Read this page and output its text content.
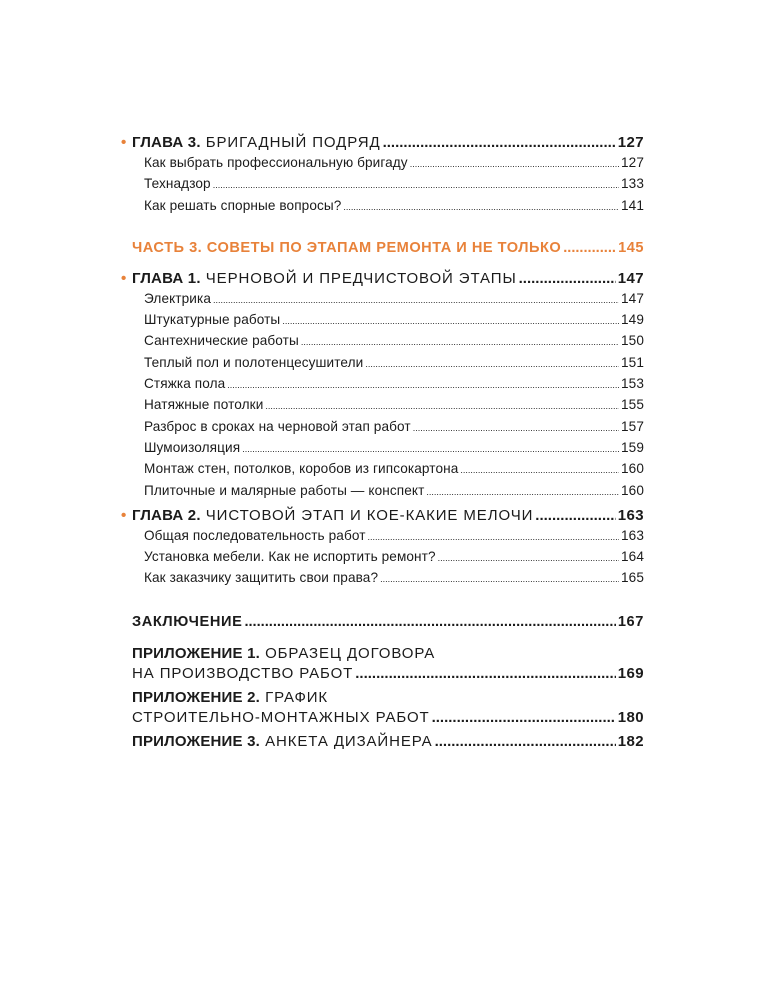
• ГЛАВА 3. БРИГАДНЫЙ ПОДРЯД .....	127
Как выбрать профессиональную бригаду .....	127
Технадзор .....	133
Как решать спорные вопросы? .....	141
ЧАСТЬ 3. СОВЕТЫ ПО ЭТАПАМ РЕМОНТА И НЕ ТОЛЬКО .....	145
• ГЛАВА 1. ЧЕРНОВОЙ И ПРЕДЧИСТОВОЙ ЭТАПЫ .....	147
Электрика .....	147
Штукатурные работы .....	149
Сантехнические работы .....	150
Теплый пол и полотенцесушители .....	151
Стяжка пола .....	153
Натяжные потолки .....	155
Разброс в сроках на черновой этап работ .....	157
Шумоизоляция .....	159
Монтаж стен, потолков, коробов из гипсокартона .....	160
Плиточные и малярные работы — конспект .....	160
• ГЛАВА 2. ЧИСТОВОЙ ЭТАП И КОЕ-КАКИЕ МЕЛОЧИ .....	163
Общая последовательность работ .....	163
Установка мебели. Как не испортить ремонт? .....	164
Как заказчику защитить свои права? .....	165
ЗАКЛЮЧЕНИЕ .....	167
ПРИЛОЖЕНИЕ 1. ОБРАЗЕЦ ДОГОВОРА
НА ПРОИЗВОДСТВО РАБОТ .....	169
ПРИЛОЖЕНИЕ 2. ГРАФИК
СТРОИТЕЛЬНО-МОНТАЖНЫХ РАБОТ .....	180
ПРИЛОЖЕНИЕ 3. АНКЕТА ДИЗАЙНЕРА .....	182
